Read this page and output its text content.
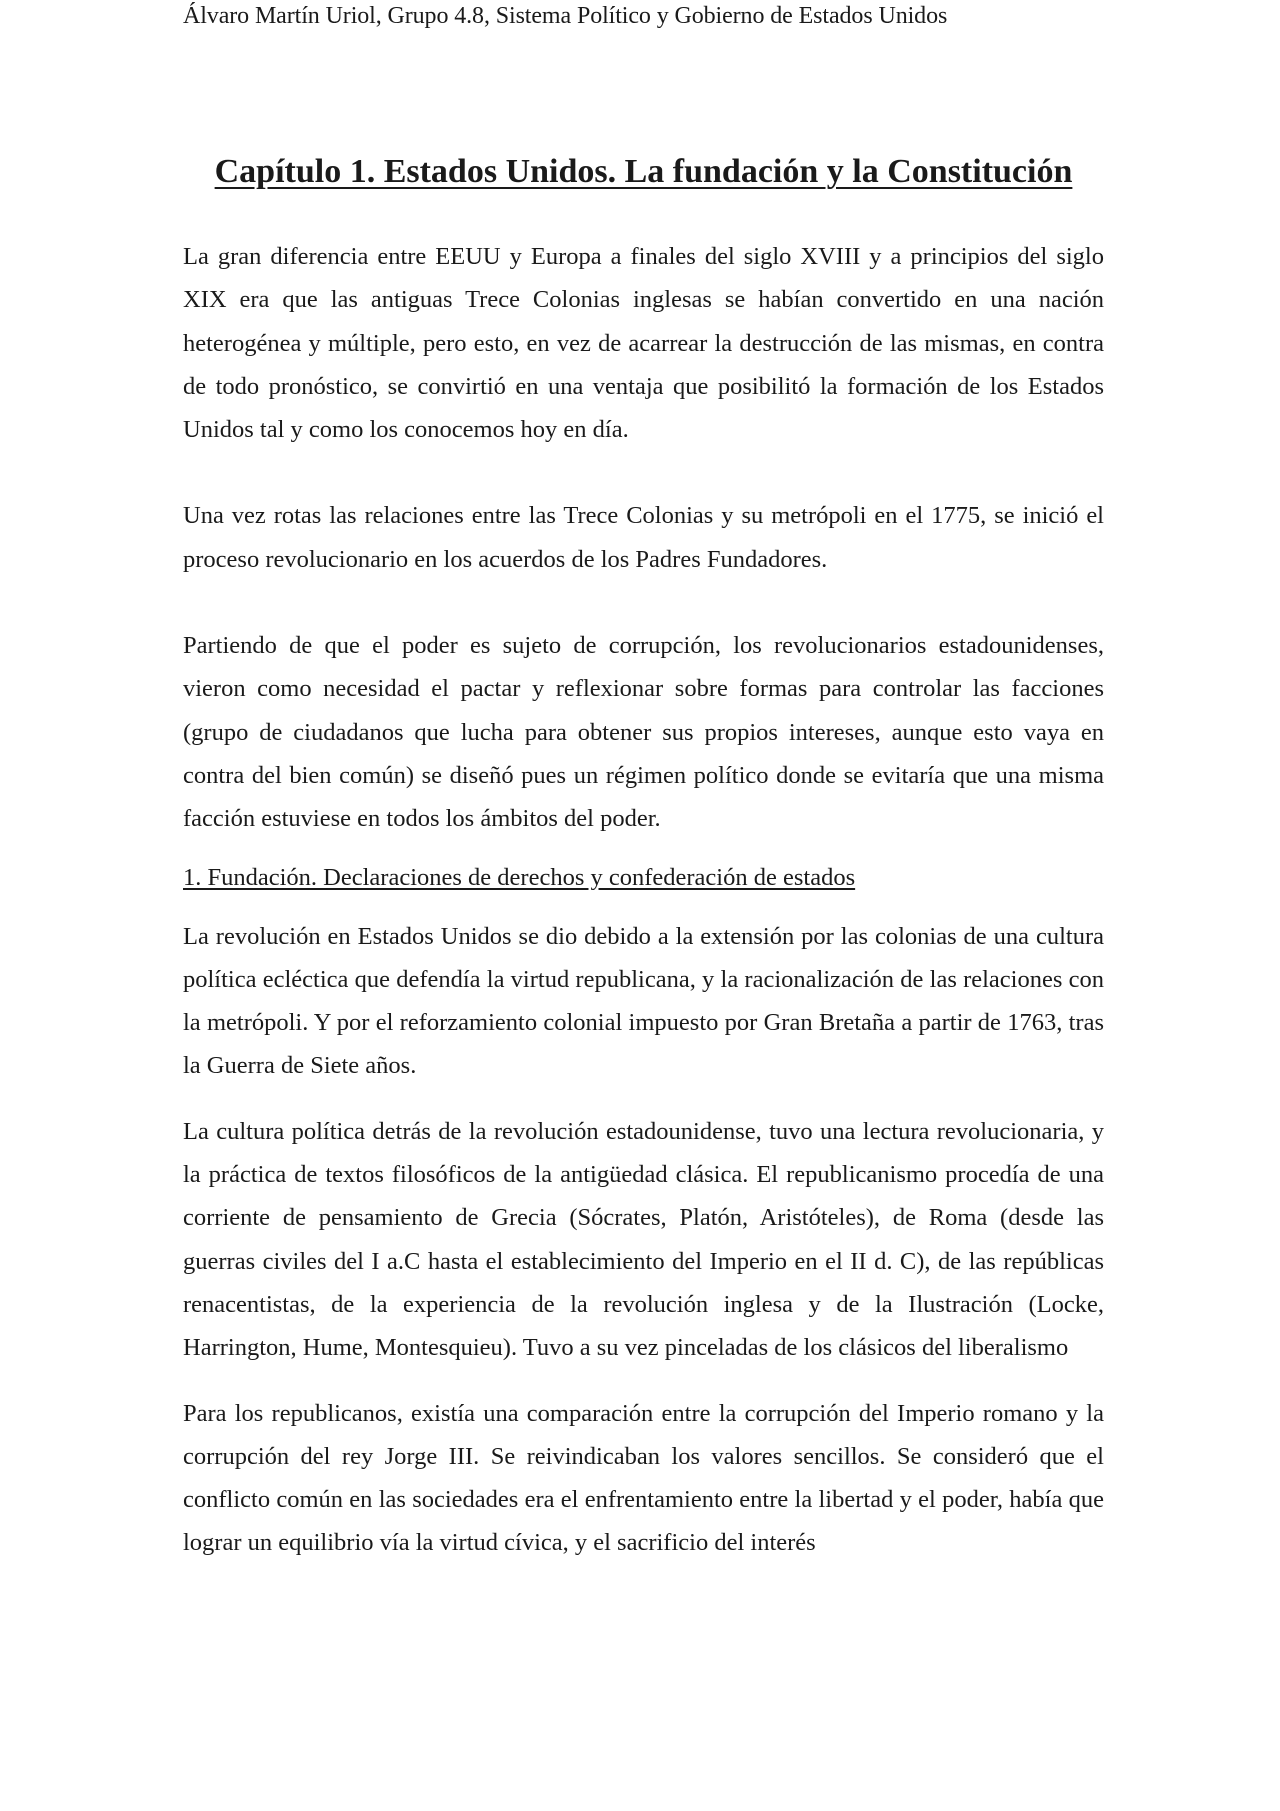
Álvaro Martín Uriol, Grupo 4.8, Sistema Político y Gobierno de Estados Unidos
Capítulo 1. Estados Unidos. La fundación y la Constitución

La gran diferencia entre EEUU y Europa a finales del siglo XVIII y a principios del siglo XIX era que las antiguas Trece Colonias inglesas se habían convertido en una nación heterogénea y múltiple, pero esto, en vez de acarrear la destrucción de las mismas, en contra de todo pronóstico, se convirtió en una ventaja que posibilitó la formación de los Estados Unidos tal y como los conocemos hoy en día.

Una vez rotas las relaciones entre las Trece Colonias y su metrópoli en el 1775, se inició el proceso revolucionario en los acuerdos de los Padres Fundadores.

Partiendo de que el poder es sujeto de corrupción, los revolucionarios estadounidenses, vieron como necesidad el pactar y reflexionar sobre formas para controlar las facciones (grupo de ciudadanos que lucha para obtener sus propios intereses, aunque esto vaya en contra del bien común) se diseñó pues un régimen político donde se evitaría que una misma facción estuviese en todos los ámbitos del poder.

1. Fundación. Declaraciones de derechos y confederación de estados

La revolución en Estados Unidos se dio debido a la extensión por las colonias de una cultura política ecléctica que defendía la virtud republicana, y la racionalización de las relaciones con la metrópoli. Y por el reforzamiento colonial impuesto por Gran Bretaña a partir de 1763, tras la Guerra de Siete años.

La cultura política detrás de la revolución estadounidense, tuvo una lectura revolucionaria, y la práctica de textos filosóficos de la antigüedad clásica. El republicanismo procedía de una corriente de pensamiento de Grecia (Sócrates, Platón, Aristóteles), de Roma (desde las guerras civiles del I a.C hasta el establecimiento del Imperio en el II d. C), de las repúblicas renacentistas, de la experiencia de la revolución inglesa y de la Ilustración (Locke, Harrington, Hume, Montesquieu). Tuvo a su vez pinceladas de los clásicos del liberalismo

Para los republicanos, existía una comparación entre la corrupción del Imperio romano y la corrupción del rey Jorge III. Se reivindicaban los valores sencillos. Se consideró que el conflicto común en las sociedades era el enfrentamiento entre la libertad y el poder, había que lograr un equilibrio vía la virtud cívica, y el sacrificio del interés
